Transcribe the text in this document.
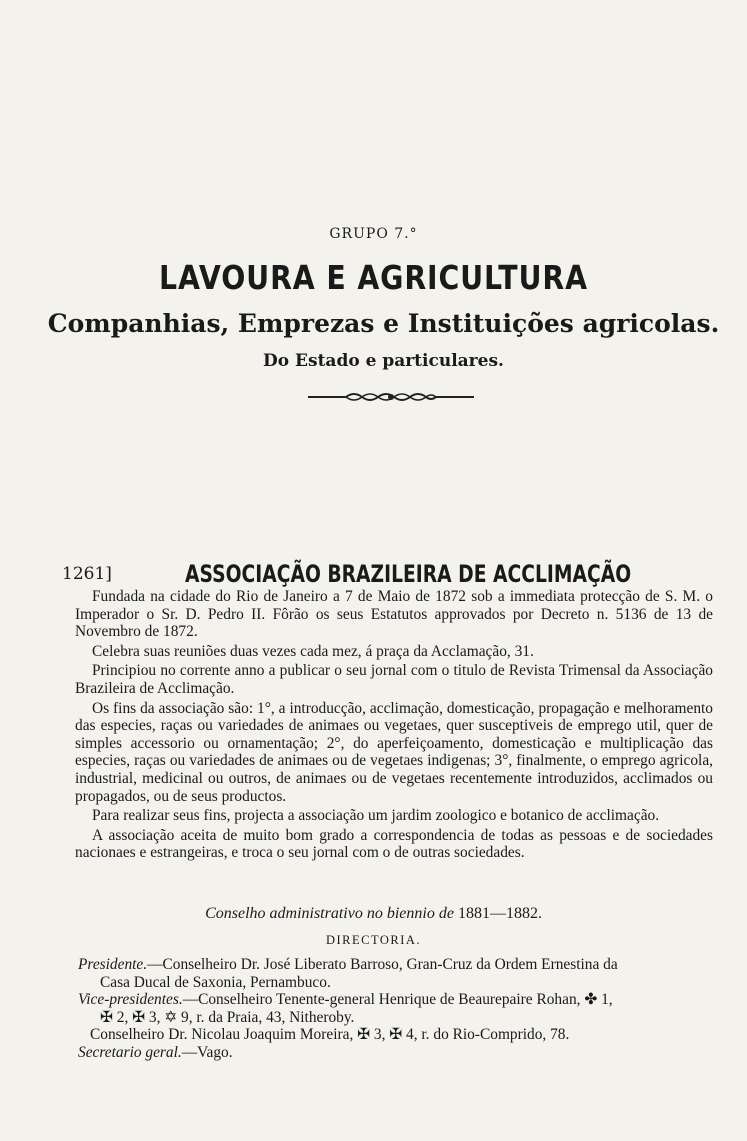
GRUPO 7.°
LAVOURA E AGRICULTURA
Companhias, Emprezas e Instituições agricolas.
Do Estado e particulares.
1261]	ASSOCIAÇÃO BRAZILEIRA DE ACCLIMAÇÃO

Fundada na cidade do Rio de Janeiro a 7 de Maio de 1872 sob a immediata protecção de S. M. o Imperador o Sr. D. Pedro II. Fôrão os seus Estatutos approvados por Decreto n. 5136 de 13 de Novembro de 1872.

Celebra suas reuniões duas vezes cada mez, á praça da Acclamação, 31.

Principiou no corrente anno a publicar o seu jornal com o titulo de Revista Trimensal da Associação Brazileira de Acclimação.

Os fins da associação são: 1°, a introducção, acclimação, domesticação, propagação e melhoramento das especies, raças ou variedades de animaes ou vegetaes, quer susceptiveis de emprego util, quer de simples accessorio ou ornamentação; 2°, do aperfeiçoamento, domesticação e multiplicação das especies, raças ou variedades de animaes ou de vegetaes indigenas; 3°, finalmente, o emprego agricola, industrial, medicinal ou outros, de animaes ou de vegetaes recentemente introduzidos, acclimados ou propagados, ou de seus productos.

Para realizar seus fins, projecta a associação um jardim zoologico e botanico de acclimação.

A associação aceita de muito bom grado a correspondencia de todas as pessoas e de sociedades nacionaes e estrangeiras, e troca o seu jornal com o de outras sociedades.

Conselho administrativo no biennio de 1881—1882.
DIRECTORIA.
Presidente.—Conselheiro Dr. José Liberato Barroso, Gran-Cruz da Ordem Ernestina da
Casa Ducal de Saxonia, Pernambuco.
Vice-presidentes.—Conselheiro Tenente-general Henrique de Beaurepaire Rohan, ✤ 1,
✠ 2, ✠ 3, ✡ 9, r. da Praia, 43, Nitheroby.
Conselheiro Dr. Nicolau Joaquim Moreira, ✠ 3, ✠ 4, r. do Rio-Comprido, 78.
Secretario geral.—Vago.
